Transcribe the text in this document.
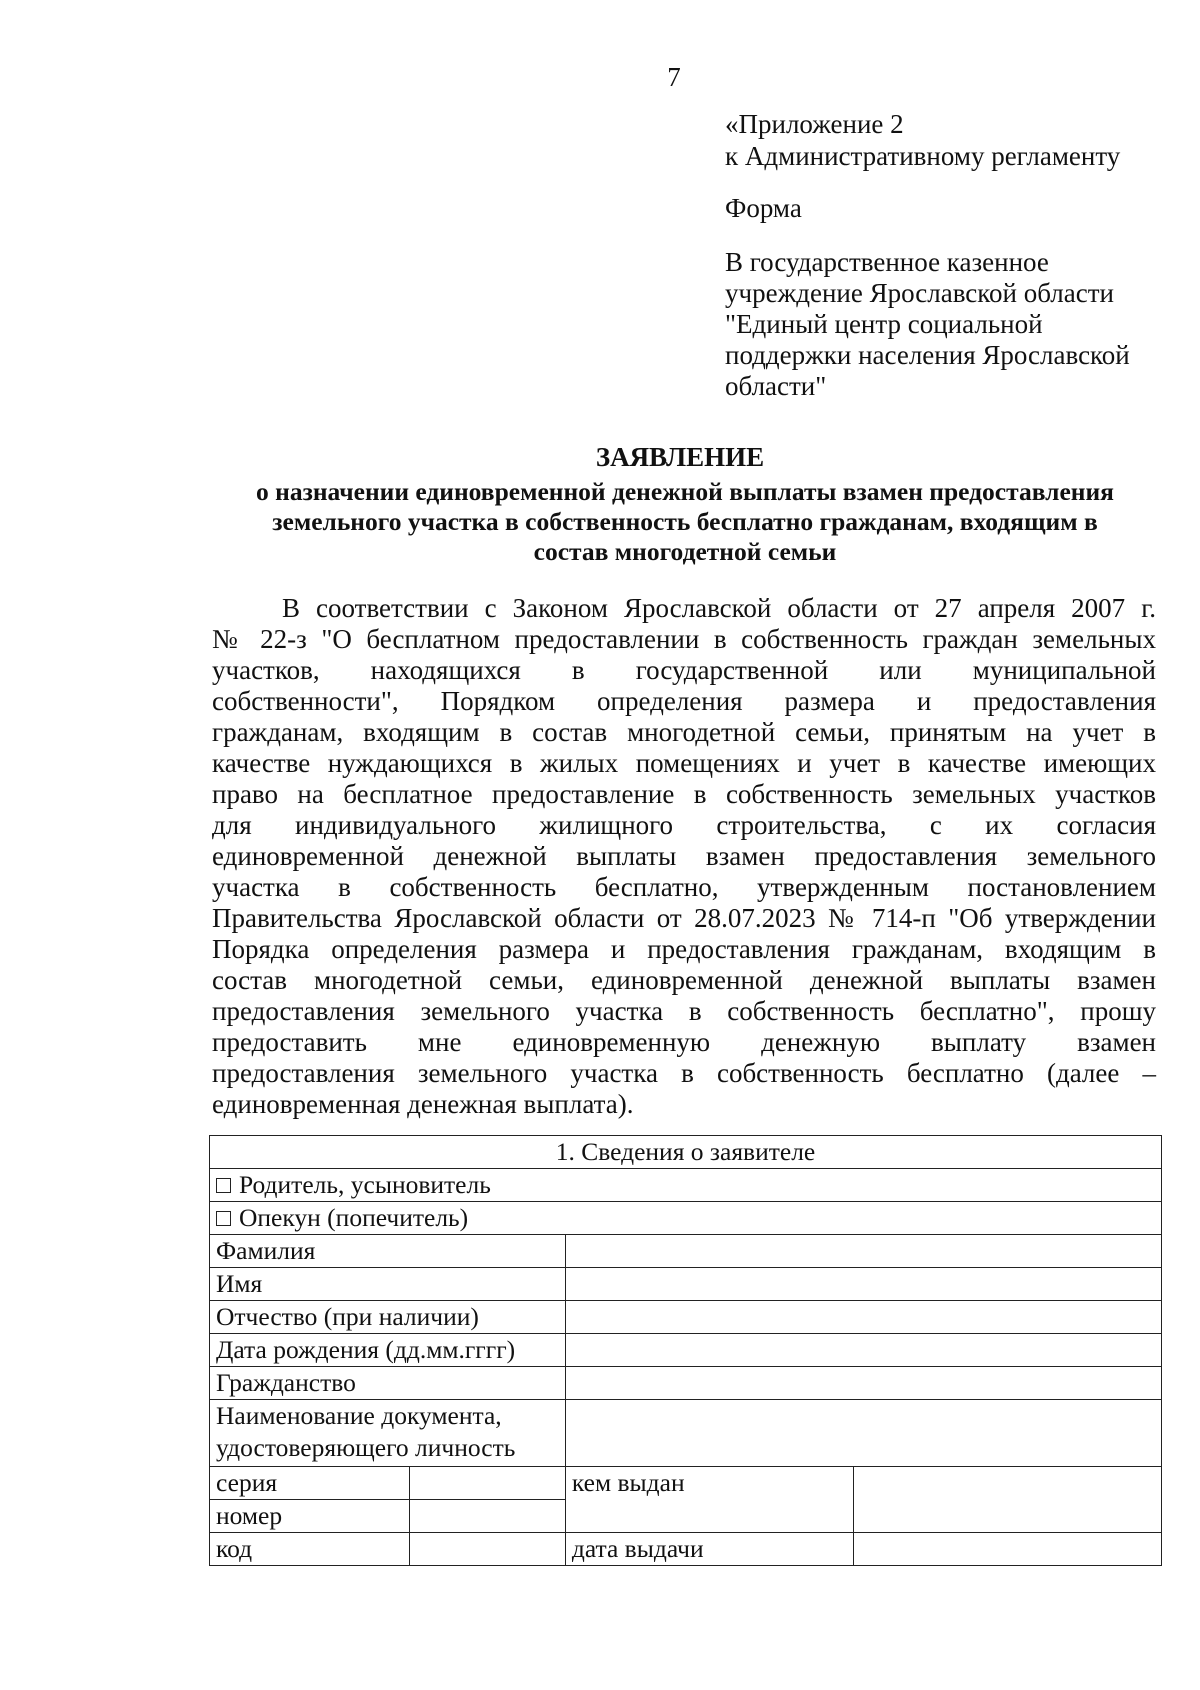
7
«Приложение 2
к Административному регламенту
Форма
В государственное казенное
учреждение Ярославской области
"Единый центр социальной
поддержки населения Ярославской
области"
ЗАЯВЛЕНИЕ
о назначении единовременной денежной выплаты взамен предоставления
земельного участка в собственность бесплатно гражданам, входящим в
состав многодетной семьи
В соответствии с Законом Ярославской области от 27 апреля 2007 г.
№ 22-з "О бесплатном предоставлении в собственность граждан земельных
участков, находящихся в государственной или муниципальной
собственности", Порядком определения размера и предоставления
гражданам, входящим в состав многодетной семьи, принятым на учет в
качестве нуждающихся в жилых помещениях и учет в качестве имеющих
право на бесплатное предоставление в собственность земельных участков
для индивидуального жилищного строительства, с их согласия
единовременной денежной выплаты взамен предоставления земельного
участка в собственность бесплатно, утвержденным постановлением
Правительства Ярославской области от 28.07.2023 № 714-п "Об утверждении
Порядка определения размера и предоставления гражданам, входящим в
состав многодетной семьи, единовременной денежной выплаты взамен
предоставления земельного участка в собственность бесплатно", прошу
предоставить мне единовременную денежную выплату взамен
предоставления земельного участка в собственность бесплатно (далее –
единовременная денежная выплата).
1. Сведения о заявителе			
Родитель, усыновитель			
Опекун (попечитель)			
Фамилия			
Имя			
Отчество (при наличии)			
Дата рождения (дд.мм.гггг)			
Гражданство			
Наименование документа, удостоверяющего личность			
серия		кем выдан	
номер			
код		дата выдачи	
